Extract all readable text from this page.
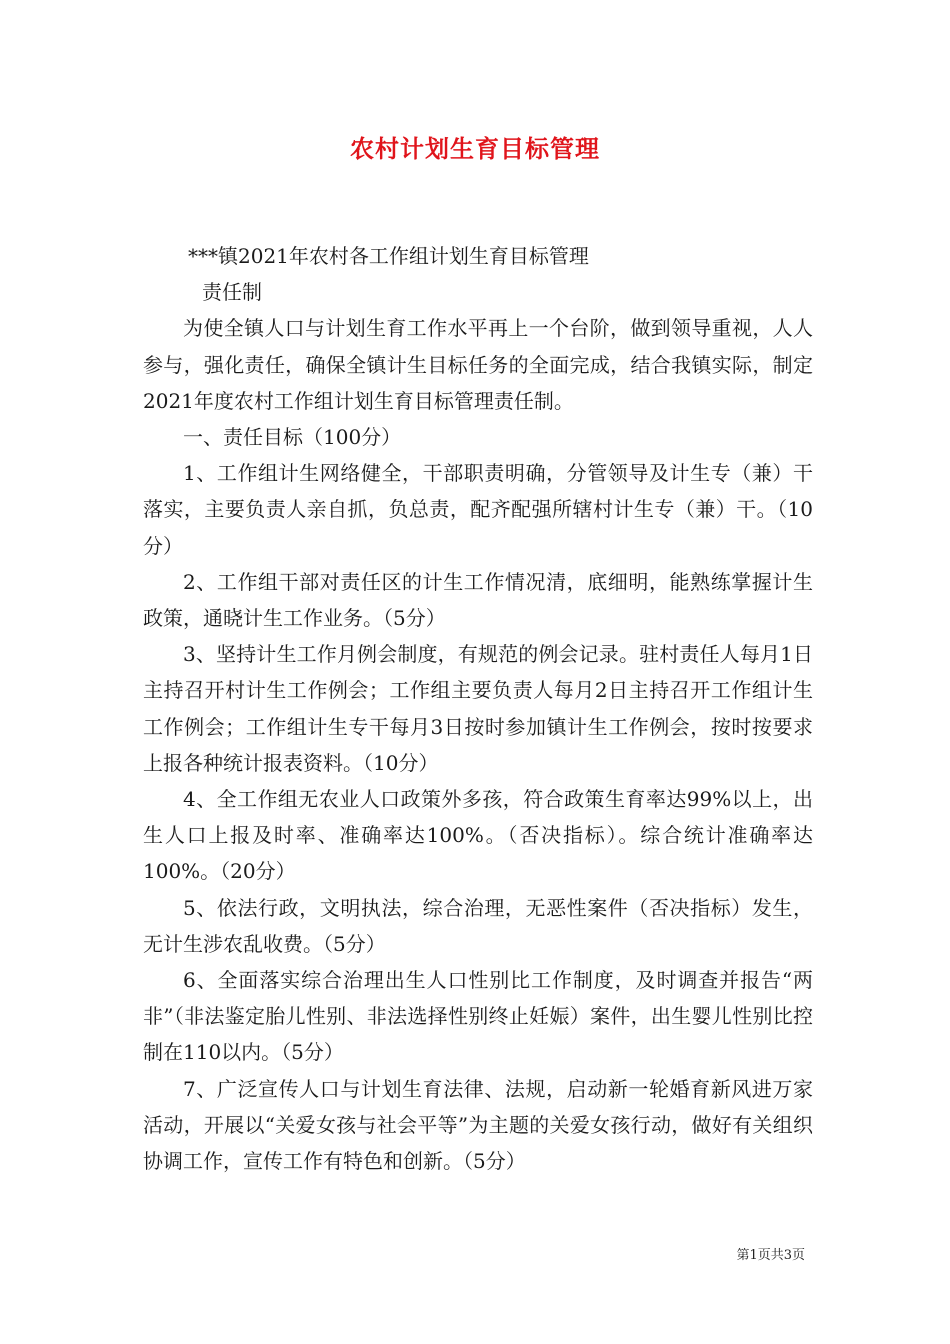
农村计划生育目标管理

***镇2021年农村各工作组计划生育目标管理

责任制

为使全镇人口与计划生育工作水平再上一个台阶，做到领导重视，人人参与，强化责任，确保全镇计生目标任务的全面完成，结合我镇实际，制定2021年度农村工作组计划生育目标管理责任制。

一、责任目标（100分）

1、工作组计生网络健全，干部职责明确，分管领导及计生专（兼）干落实，主要负责人亲自抓，负总责，配齐配强所辖村计生专（兼）干。（10分）

2、工作组干部对责任区的计生工作情况清，底细明，能熟练掌握计生政策，通晓计生工作业务。（5分）

3、坚持计生工作月例会制度，有规范的例会记录。驻村责任人每月1日主持召开村计生工作例会；工作组主要负责人每月2日主持召开工作组计生工作例会；工作组计生专干每月3日按时参加镇计生工作例会，按时按要求上报各种统计报表资料。（10分）

4、全工作组无农业人口政策外多孩，符合政策生育率达99%以上，出生人口上报及时率、准确率达100%。（否决指标）。综合统计准确率达100%。（20分）

5、依法行政，文明执法，综合治理，无恶性案件（否决指标）发生，无计生涉农乱收费。（5分）

6、全面落实综合治理出生人口性别比工作制度，及时调查并报告“两非”（非法鉴定胎儿性别、非法选择性别终止妊娠）案件，出生婴儿性别比控制在110以内。（5分）

7、广泛宣传人口与计划生育法律、法规，启动新一轮婚育新风进万家活动，开展以“关爱女孩与社会平等”为主题的关爱女孩行动，做好有关组织协调工作，宣传工作有特色和创新。（5分）

第1页共3页
